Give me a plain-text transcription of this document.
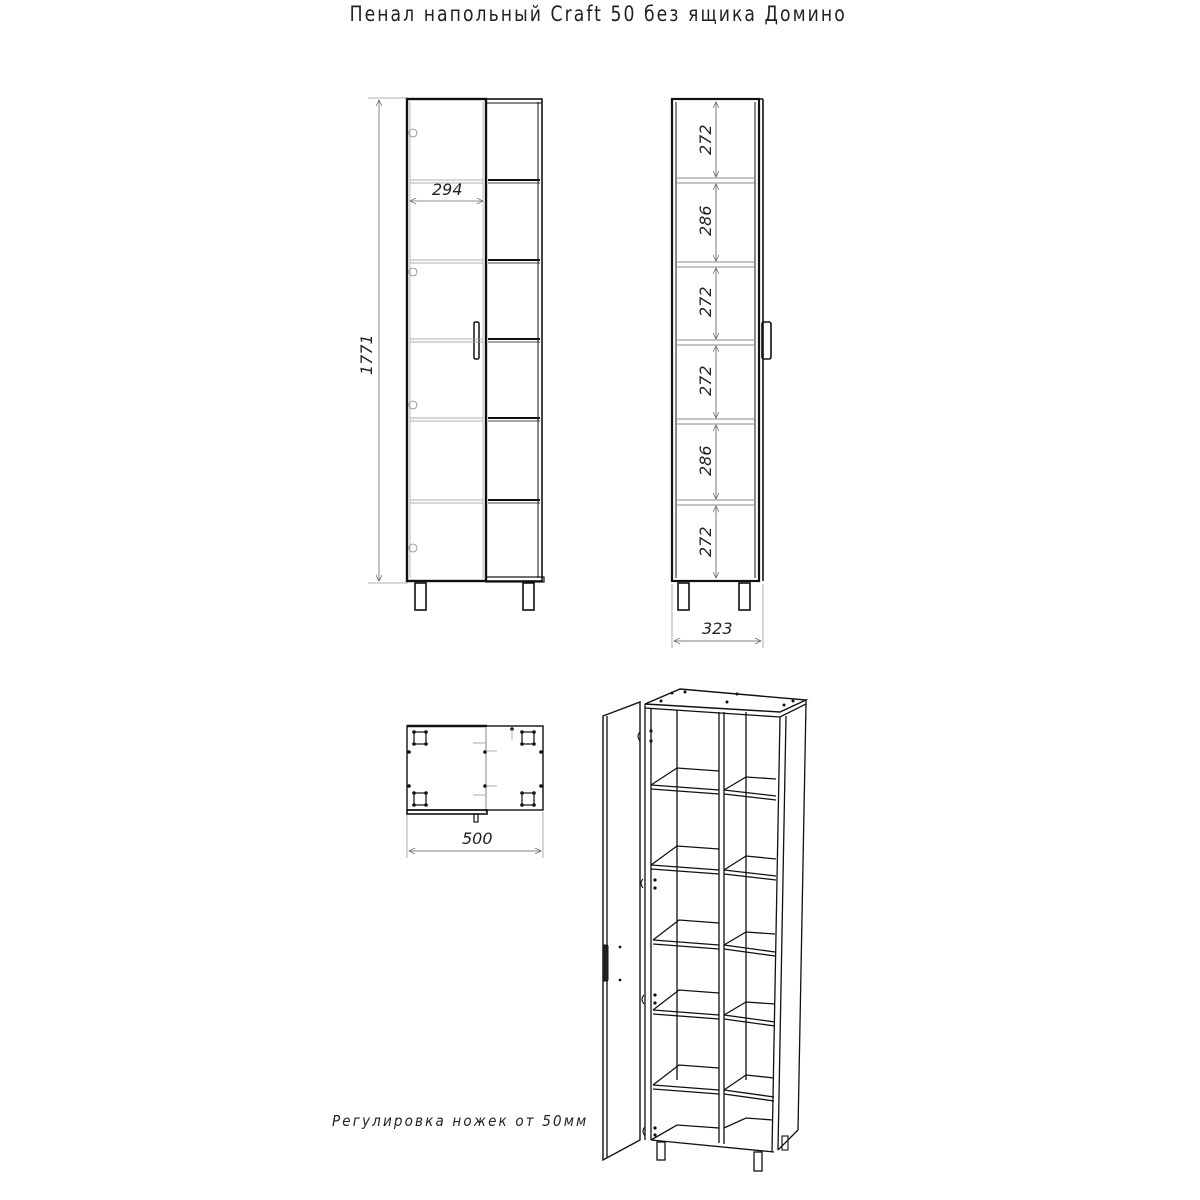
Пенал напольный Craft 50 без ящика Домино
1771
294
272
286
272
272
286
272
323
500
Регулировка ножек от 50мм
